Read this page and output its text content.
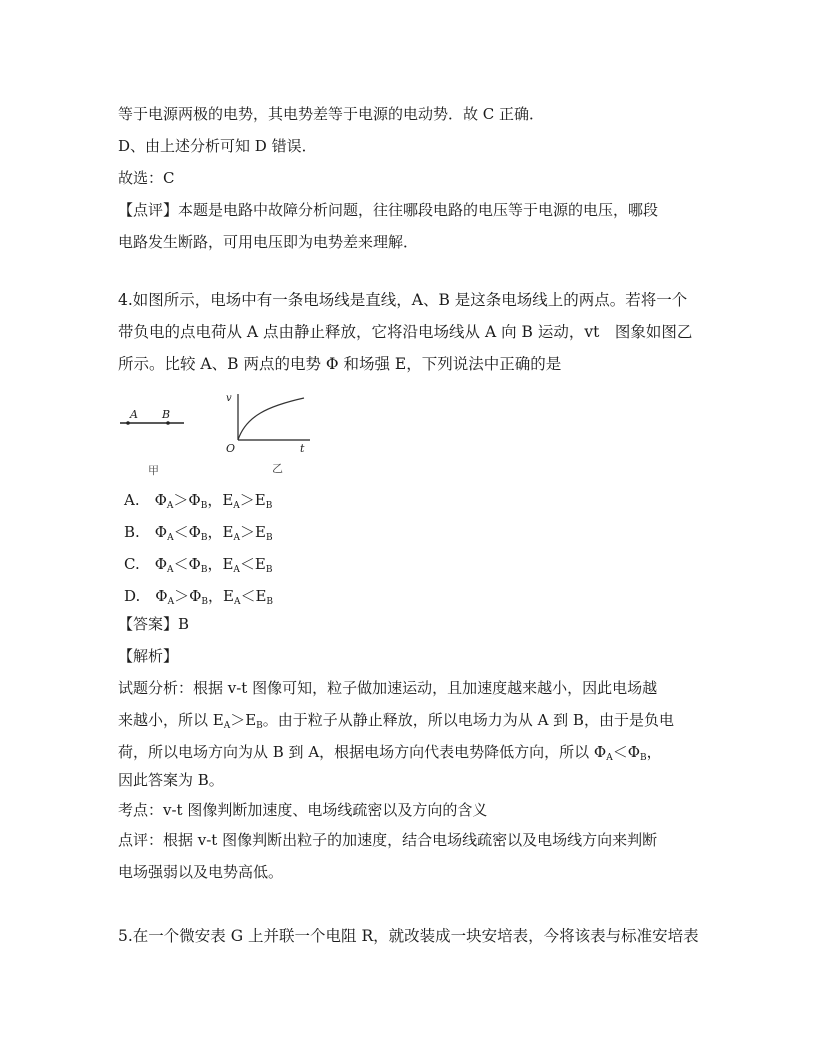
等于电源两极的电势，其电势差等于电源的电动势．故 C 正确．
D、由上述分析可知 D 错误．
故选：C
【点评】本题是电路中故障分析问题，往往哪段电路的电压等于电源的电压，哪段
电路发生断路，可用电压即为电势差来理解．
4.如图所示，电场中有一条电场线是直线，A、B 是这条电场线上的两点。若将一个
带负电的点电荷从 A 点由静止释放，它将沿电场线从 A 向 B 运动，vt　图象如图乙
所示。比较 A、B 两点的电势 Φ 和场强 E，下列说法中正确的是
A B
甲
v
t
O
乙
A.　$\Phi_A>\Phi_B$，$E_A>E_B$
B.　$\Phi_A<\Phi_B$，$E_A>E_B$
C.　$\Phi_A<\Phi_B$，$E_A<E_B$
D.　$\Phi_A>\Phi_B$，$E_A<E_B$
【答案】B
【解析】
试题分析：根据 v-t 图像可知，粒子做加速运动，且加速度越来越小，因此电场越
来越小，所以 $E_A>E_B$。由于粒子从静止释放，所以电场力为从 A 到 B，由于是负电
荷，所以电场方向为从 B 到 A，根据电场方向代表电势降低方向，所以 $\Phi_A<\Phi_B$，
因此答案为 B。
考点：v-t 图像判断加速度、电场线疏密以及方向的含义
点评：根据 v-t 图像判断出粒子的加速度，结合电场线疏密以及电场线方向来判断
电场强弱以及电势高低。
5.在一个微安表 G 上并联一个电阻 R，就改装成一块安培表，今将该表与标准安培表
